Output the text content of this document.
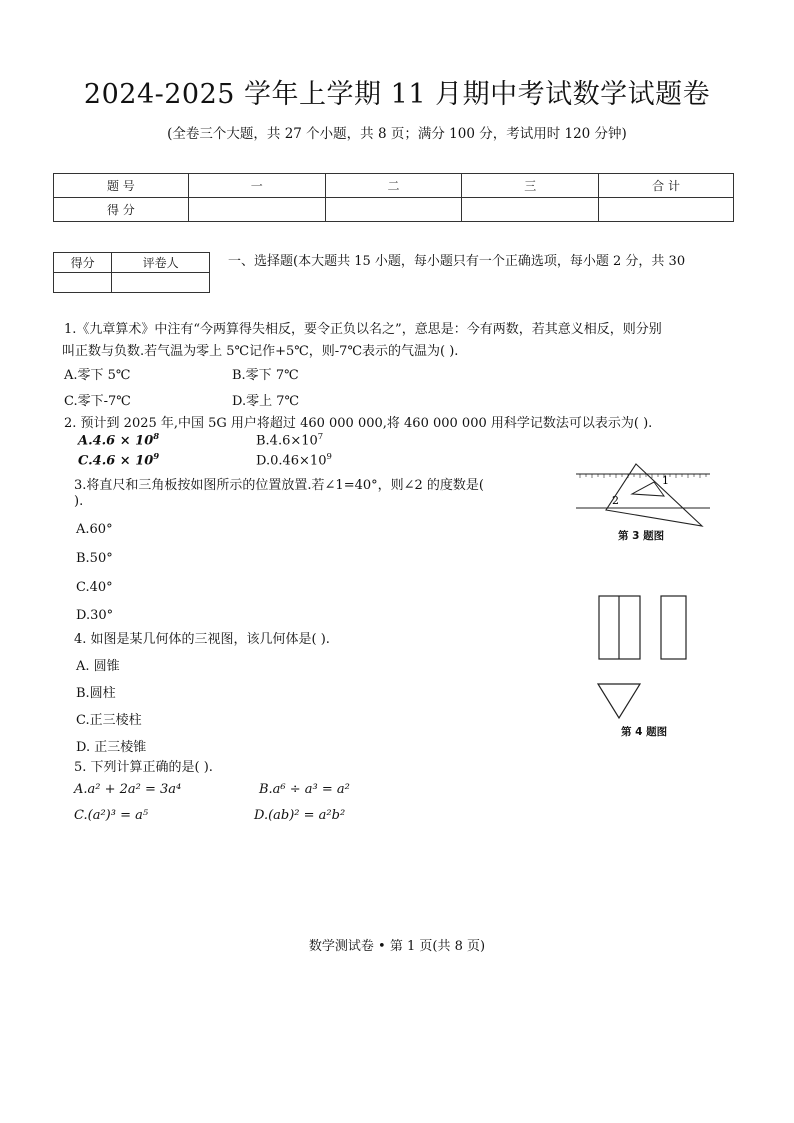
2024-2025 学年上学期 11 月期中考试数学试题卷
(全卷三个大题，共 27 个小题，共 8 页；满分 100 分，考试用时 120 分钟)
题 号	一	二	三	合 计
得 分				
得分	评卷人
		一、选择题(本大题共 15 小题，每小题只有一个正确选项，每小题 2 分，共 30
1.《九章算术》中注有“今两算得失相反，要令正负以名之”，意思是：今有两数，若其意义相反，则分别
叫正数与负数.若气温为零上 5℃记作+5℃，则-7℃表示的气温为( ).
A.零下 5℃	B.零下 7℃
C.零下-7℃	D.零上 7℃
2. 预计到 2025 年,中国 5G 用户将超过 460 000 000,将 460 000 000 用科学记数法可以表示为( ).
$A.4.6 \times 10^8$	$B.4.6\times 10^7$
$C.4.6 \times 10^9$	$D.0.46\times 10^9$
3.将直尺和三角板按如图所示的位置放置.若∠1=40°，则∠2 的度数是(
).
A.60°
B.50°
C.40°
D.30°
1
2
第 3 题图
4. 如图是某几何体的三视图，该几何体是( ).
A. 圆锥
B.圆柱
C.正三棱柱
D. 正三棱锥
第 4 题图
5. 下列计算正确的是( ).
A.a² + 2a² = 3a⁴	B.a⁶ ÷ a³ = a²
C.(a²)³ = a⁵	D.(ab)² = a²b²
数学测试卷 • 第 1 页(共 8 页)
